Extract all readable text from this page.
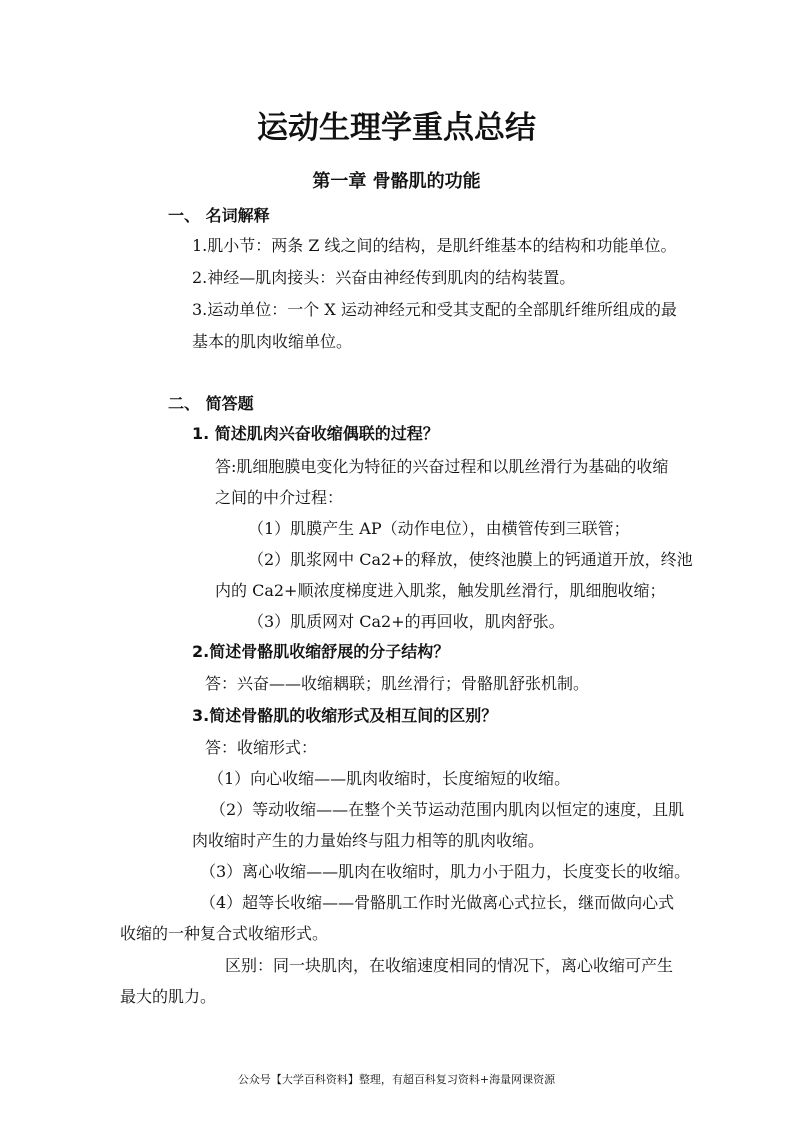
运动生理学重点总结
第一章 骨骼肌的功能
一、 名词解释
1.肌小节：两条 Z 线之间的结构，是肌纤维基本的结构和功能单位。
2.神经—肌肉接头：兴奋由神经传到肌肉的结构装置。
3.运动单位：一个 X 运动神经元和受其支配的全部肌纤维所组成的最
基本的肌肉收缩单位。
二、 简答题
1. 简述肌肉兴奋收缩偶联的过程？
答:肌细胞膜电变化为特征的兴奋过程和以肌丝滑行为基础的收缩
之间的中介过程：
（1）肌膜产生 AP（动作电位），由横管传到三联管；
（2）肌浆网中 Ca2+的释放，使终池膜上的钙通道开放，终池
内的 Ca2+顺浓度梯度进入肌浆，触发肌丝滑行，肌细胞收缩；
（3）肌质网对 Ca2+的再回收，肌肉舒张。
2.简述骨骼肌收缩舒展的分子结构？
答：兴奋——收缩耦联；肌丝滑行；骨骼肌舒张机制。
3.简述骨骼肌的收缩形式及相互间的区别？
答：收缩形式：
（1）向心收缩——肌肉收缩时，长度缩短的收缩。
（2）等动收缩——在整个关节运动范围内肌肉以恒定的速度，且肌
肉收缩时产生的力量始终与阻力相等的肌肉收缩。
（3）离心收缩——肌肉在收缩时，肌力小于阻力，长度变长的收缩。
（4）超等长收缩——骨骼肌工作时光做离心式拉长，继而做向心式
收缩的一种复合式收缩形式。
区别：同一块肌肉，在收缩速度相同的情况下，离心收缩可产生
最大的肌力。
公众号【大学百科资料】整理，有超百科复习资料+海量网课资源
